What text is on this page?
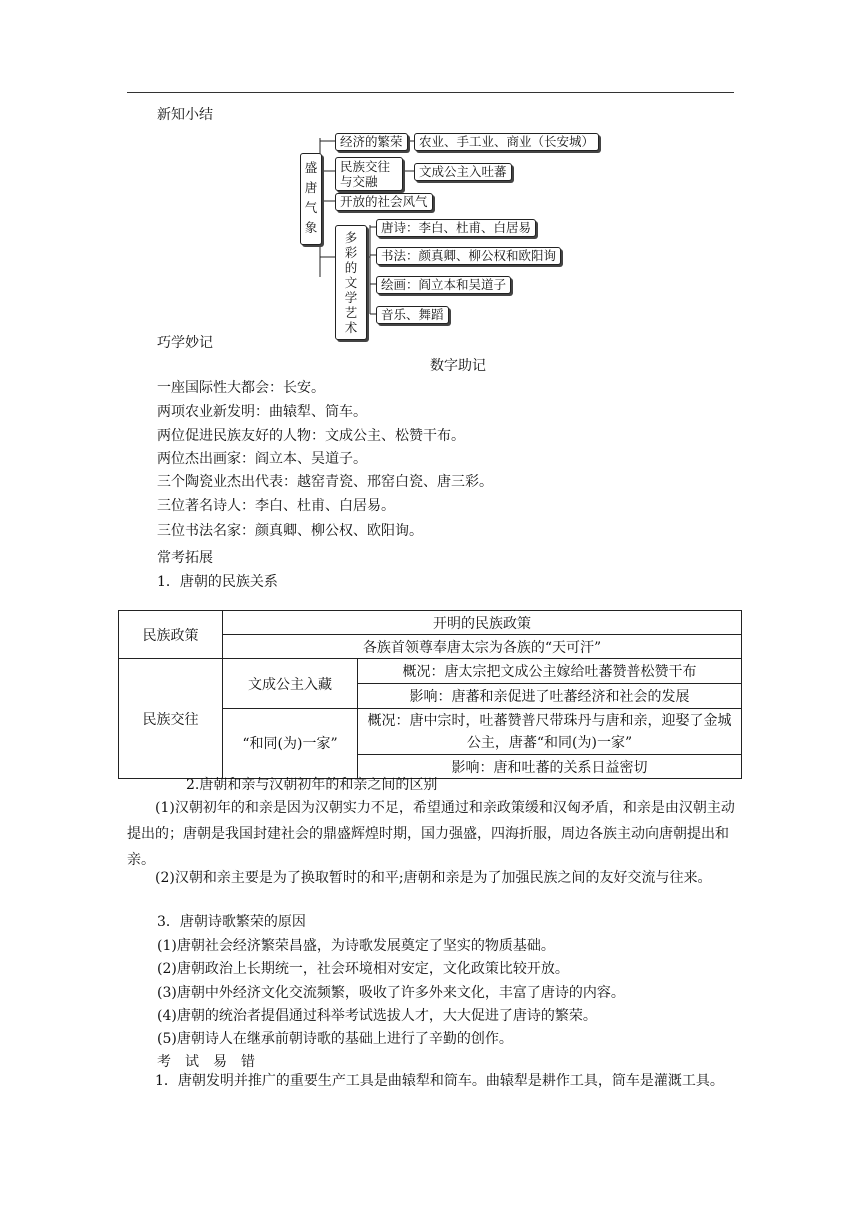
新知小结
盛唐气象
经济的繁荣	农业、手工业、商业（长安城）
民族交往与交融
文成公主入吐蕃
开放的社会风气
多彩的文学艺术
唐诗：李白、杜甫、白居易
书法：颜真卿、柳公权和欧阳询
绘画：阎立本和吴道子
音乐、舞蹈
巧学妙记
数字助记
一座国际性大都会：长安。
两项农业新发明：曲辕犁、筒车。
两位促进民族友好的人物：文成公主、松赞干布。
两位杰出画家：阎立本、吴道子。
三个陶瓷业杰出代表：越窑青瓷、邢窑白瓷、唐三彩。
三位著名诗人：李白、杜甫、白居易。
三位书法名家：颜真卿、柳公权、欧阳询。
常考拓展
1．唐朝的民族关系
民族政策	开明的民族政策	
	各族首领尊奉唐太宗为各族的“天可汗”	
民族交往	文成公主入藏	概况：唐太宗把文成公主嫁给吐蕃赞普松赞干布
		影响：唐蕃和亲促进了吐蕃经济和社会的发展
	“和同(为)一家”	概况：唐中宗时，吐蕃赞普尺带珠丹与唐和亲，迎娶了金城公主，唐蕃“和同(为)一家”
		影响：唐和吐蕃的关系日益密切
2.唐朝和亲与汉朝初年的和亲之间的区别
(1)汉朝初年的和亲是因为汉朝实力不足，希望通过和亲政策缓和汉匈矛盾，和亲是由汉朝主动提出的；唐朝是我国封建社会的鼎盛辉煌时期，国力强盛，四海折服，周边各族主动向唐朝提出和亲。
(2)汉朝和亲主要是为了换取暂时的和平;唐朝和亲是为了加强民族之间的友好交流与往来。
3．唐朝诗歌繁荣的原因
(1)唐朝社会经济繁荣昌盛，为诗歌发展奠定了坚实的物质基础。
(2)唐朝政治上长期统一，社会环境相对安定，文化政策比较开放。
(3)唐朝中外经济文化交流频繁，吸收了许多外来文化，丰富了唐诗的内容。
(4)唐朝的统治者提倡通过科举考试选拔人才，大大促进了唐诗的繁荣。
(5)唐朝诗人在继承前朝诗歌的基础上进行了辛勤的创作。
考　试　易　错
1．唐朝发明并推广的重要生产工具是曲辕犁和筒车。曲辕犁是耕作工具，筒车是灌溉工具。
